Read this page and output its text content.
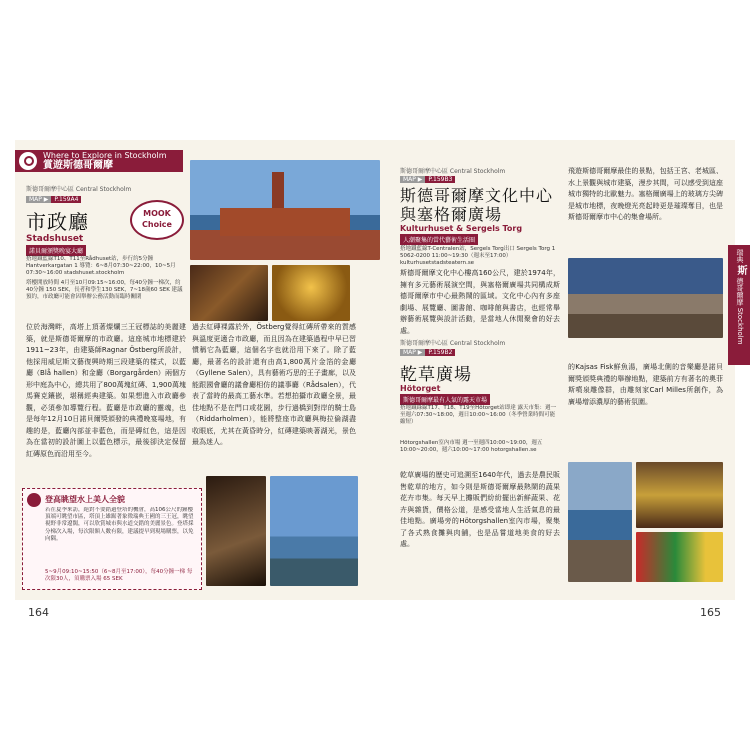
Where to Explore in Stockholm
賞遊斯德哥爾摩
斯德哥爾摩中心區 Central Stockholm
MAP ▶ P.159A4
市政廳	MOOK Choice
Stadshuset
諾貝爾頒獎晚宴大廳
搭地鐵藍線T10、T11至Rådhuset站，步行約5分鐘 Hantverkargatan 1 導覽：6~8月07:30~22:00，10~5月07:30~16:00 stadshuset.stockholm
塔樓開放時間 4月至10月09:15~16:00，每40分鐘一梯次，約40分鐘 150 SEK，長者和學生130 SEK，7~18歲60 SEK 建議預約，市政廳可能會因舉辦公務活動而臨時關閉
位於海灣畔，高塔上頂著燦爛三王冠標誌的美麗建築，就是斯德哥爾摩的市政廳。這座城市地標建於1911~23年，由建築師Ragnar Östberg所設計，他採用威尼斯文藝復興時期三段建築的樣式，以藍廳（Blå hallen）和金廳（Borgargården）兩個方形中庭為中心，總共用了800萬塊紅磚、1,900萬塊馬賽克鑲嵌，堪稱經典建築。如果想進入市政廳參觀，必須參加導覽行程。藍廳是市政廳的靈魂，也是每年12月10日諾貝爾獎頒發的典禮晚宴場地，有趣的是，藍廳內部並非藍色，而是磚紅色，這是因為在當初的設計圖上以藍色標示，最後卻決定保留紅磚原色而沿用至今。
過去紅磚裸露於外，Östberg覺得紅磚所帶來的質感與溫度更適合市政廳，而且因為在建築過程中早已習慣稱它為藍廳，這個名字也就沿用下來了。除了藍廳，最著名的設計還有由高1,800萬片金箔的金廳（Gyllene Salen），具有藝術巧思的王子畫廊，以及能跟國會廳的議會廳相仿的議事廳（Rådsalen），代表了當時的最高工藝水準。若想拍攝市政廳全景，最佳地點不是在門口或花園，步行過橋到對岸的騎士島（Riddarholmen），能將整座市政廳與梅拉倫湖盡收眼底，尤其在黃昏時分，紅磚建築映著湖光，景色最為迷人。
登高眺望水上美人全貌
若在夏季來訪，絕對不要錯過登塔的機會，高106公尺的鐘樓頂端可眺望市區，塔頂上雄踞著象徵瑞典王國的三王冠，眺望視野非常遼闊，可以欣賞城市與水道交錯的美麗景色。登塔採分梯次入場，每次限額人數有限，建議提早到現場購票，以免向隅。
5~9月09:10~15:50（6~8月至17:00），每40分鐘一梯 每次限30人，須購票入場 65 SEK
斯德哥爾摩中心區 Central Stockholm
MAP ▶ P.159B3
斯德哥爾摩文化中心與塞格爾廣場
Kulturhuset & Sergels Torg
人潮聚集的當代藝術生活圈
搭地鐵藍線T-Centralen站，Sergels Torg出口 Sergels Torg 1 5062-0200 11:00~19:30（週末至17:00） kulturhusetstadsteatern.se
斯德哥爾摩文化中心樓高160公尺，建於1974年，擁有多元藝術展演空間，與塞格爾廣場共同構成斯德哥爾摩市中心最熱鬧的區域。文化中心內有多座劇場、展覽廳、圖書館、咖啡館與書店，也經常舉辦藝術展覽與設計活動，是當地人休閒聚會的好去處。
飛遊斯德哥爾摩最佳的景點，包括王宮、老城區、水上景觀與城市建築，漫步其間，可以感受到這座城市獨特的北歐魅力。塞格爾廣場上的玻璃方尖碑是城市地標，夜晚燈光亮起時更是璀璨奪目，也是斯德哥爾摩市中心的集會場所。
瑞典 斯 德哥爾摩 Stockholm
斯德哥爾摩中心區 Central Stockholm
MAP ▶ P.159B2
乾草廣場
Hötorget
斯德哥爾摩最有人氣的露天市場
搭地鐵綠線T17、T18、T19至Hötorget站即達 露天市集：週一至週六07:30~18:00，週日10:00~16:00（冬季營業時間可能縮短）
Hötorgshallen室內市場 週一至週四10:00~19:00，週五10:00~20:00，週六10:00~17:00 hotorgshallen.se
乾草廣場的歷史可追溯至1640年代，過去是農民販售乾草的地方，如今則是斯德哥爾摩最熱鬧的蔬果花卉市集。每天早上攤販們紛紛擺出新鮮蔬果、花卉與雜貨，價格公道，是感受當地人生活氣息的最佳地點。廣場旁的Hötorgshallen室內市場，聚集了各式熟食攤與肉舖，也是品嘗道地美食的好去處。
的Kajsas Fisk鮮魚湯，廣場北側的音樂廳是諾貝爾獎頒獎典禮的舉辦地點，建築前方有著名的奧菲斯噴泉雕像群，由雕刻家Carl Milles所創作，為廣場增添濃厚的藝術氛圍。
164	165
